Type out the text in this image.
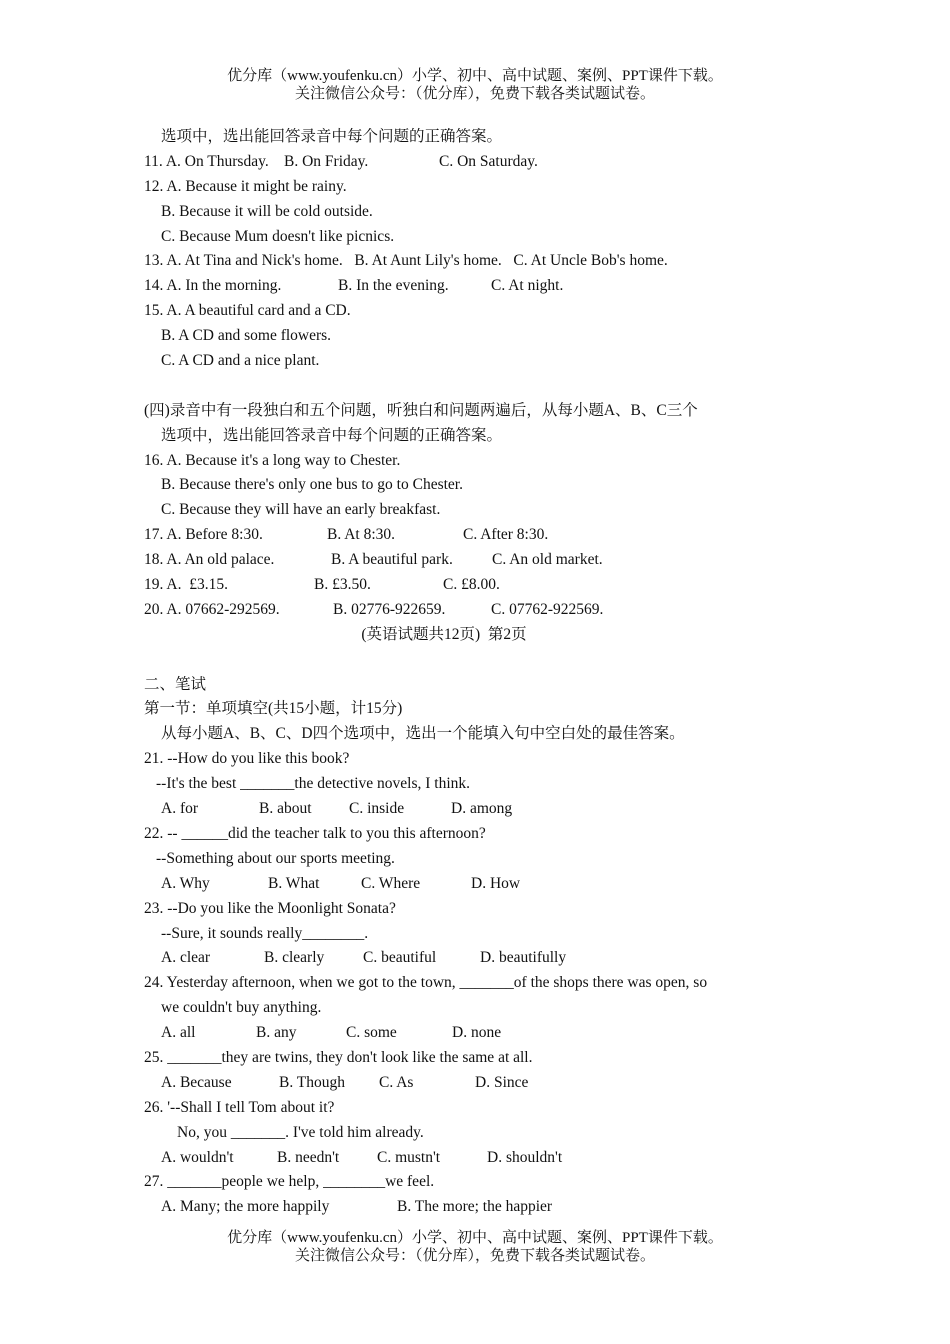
优分库（www.youfenku.cn）小学、初中、高中试题、案例、PPT课件下载。
关注微信公众号：（优分库），免费下载各类试题试卷。
选项中，选出能回答录音中每个问题的正确答案。
11. A. On Thursday. B. On Friday.	C. On Saturday.
12. A. Because it might be rainy.
B. Because it will be cold outside.
C. Because Mum doesn't like picnics.
13. A. At Tina and Nick's home.   B. At Aunt Lily's home.   C. At Uncle Bob's home.
14. A. In the morning.	B. In the evening.	C. At night.
15. A. A beautiful card and a CD.
B. A CD and some flowers.
C. A CD and a nice plant.
(四)录音中有一段独白和五个问题，听独白和问题两遍后，从每小题A、B、C三个
选项中，选出能回答录音中每个问题的正确答案。
16. A. Because it's a long way to Chester.
B. Because there's only one bus to go to Chester.
C. Because they will have an early breakfast.
17. A. Before 8:30.	B. At 8:30.	C. After 8:30.
18. A. An old palace.	B. A beautiful park.	C. An old market.
19. A.  £3.15.	B. £3.50.	C. £8.00.
20. A. 07662-292569.	B. 02776-922659.	C. 07762-922569.
(英语试题共12页)  第2页
二、笔试
第一节：单项填空(共15小题，计15分)
从每小题A、B、C、D四个选项中，选出一个能填入句中空白处的最佳答案。
21. --How do you like this book?
--It's the best _______the detective novels, I think.
A. for	B. about C. inside	D. among
22. -- ______did the teacher talk to you this afternoon?
--Something about our sports meeting.
A. Why	B. What	C. Where	D. How
23. --Do you like the Moonlight Sonata?
--Sure, it sounds really________.
A. clear	B. clearly C. beautiful	D. beautifully
24. Yesterday afternoon, when we got to the town, _______of the shops there was open, so
we couldn't buy anything.
A. all	B. any	C. some	D. none
25. _______they are twins, they don't look like the same at all.
A. Because	B. Though C. As	D. Since
26. '--Shall I tell Tom about it?
No, you _______. I've told him already.
A. wouldn't	B. needn't C. mustn't	D. shouldn't
27. _______people we help, ________we feel.
A. Many; the more happily	B. The more; the happier
优分库（www.youfenku.cn）小学、初中、高中试题、案例、PPT课件下载。
关注微信公众号：（优分库），免费下载各类试题试卷。
